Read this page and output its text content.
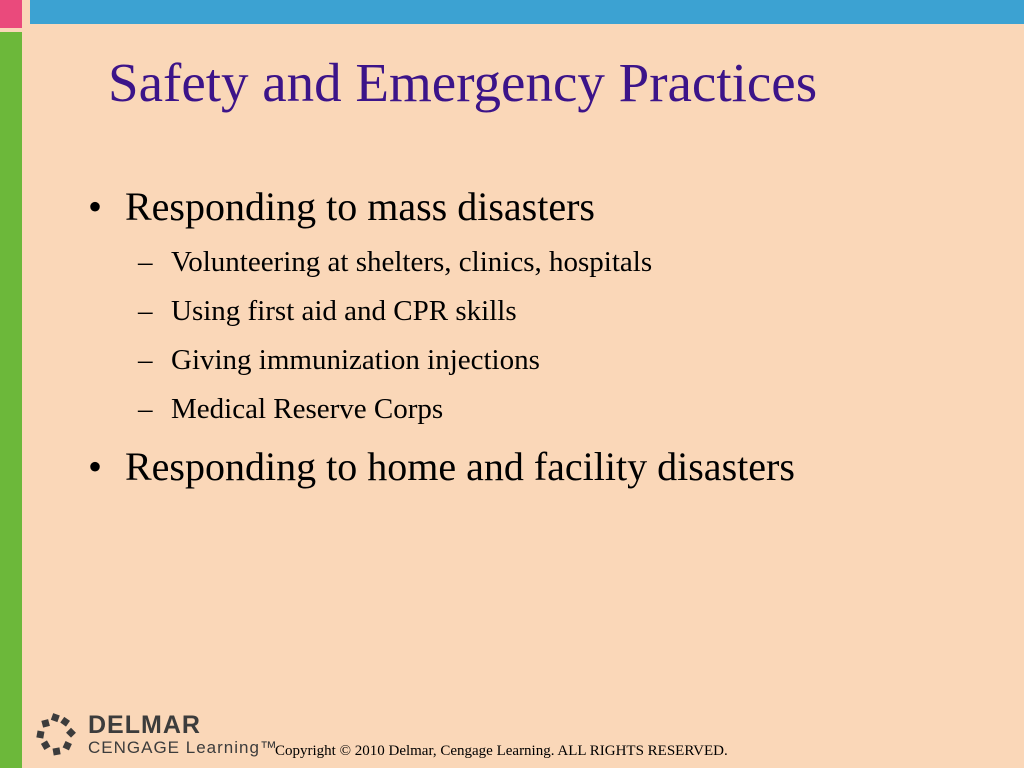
Safety and Emergency Practices
• Responding to mass disasters
– Volunteering at shelters, clinics, hospitals
– Using first aid and CPR skills
– Giving immunization injections
– Medical Reserve Corps
• Responding to home and facility disasters
DELMAR
CENGAGE Learning™
Copyright © 2010 Delmar, Cengage Learning. ALL RIGHTS RESERVED.
